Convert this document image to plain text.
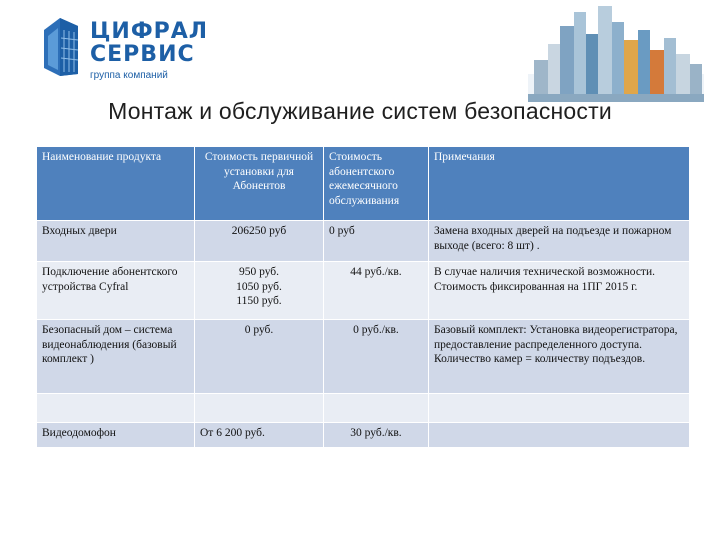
ЦИФРАЛ
СЕРВИС
группа компаний
Монтаж и обслуживание систем безопасности
Наименование продукта	Стоимость первичной установки для Абонентов	Стоимость абонентского ежемесячного обслуживания	Примечания
Входных двери	206250 руб	0 руб	Замена входных дверей на подъезде и пожарном выходе (всего: 8 шт) .
Подключение абонентского устройства Cyfral	950 руб.
1050 руб.
1150 руб.	44 руб./кв.	В случае наличия технической возможности. Стоимость фиксированная на 1ПГ 2015 г.
Безопасный дом – система видеонаблюдения (базовый комплект )	0 руб.	0 руб./кв.	Базовый комплект: Установка видеорегистратора, предоставление распределенного доступа. Количество камер = количеству подъездов.

Видеодомофон	От 6 200 руб.	30 руб./кв.	
